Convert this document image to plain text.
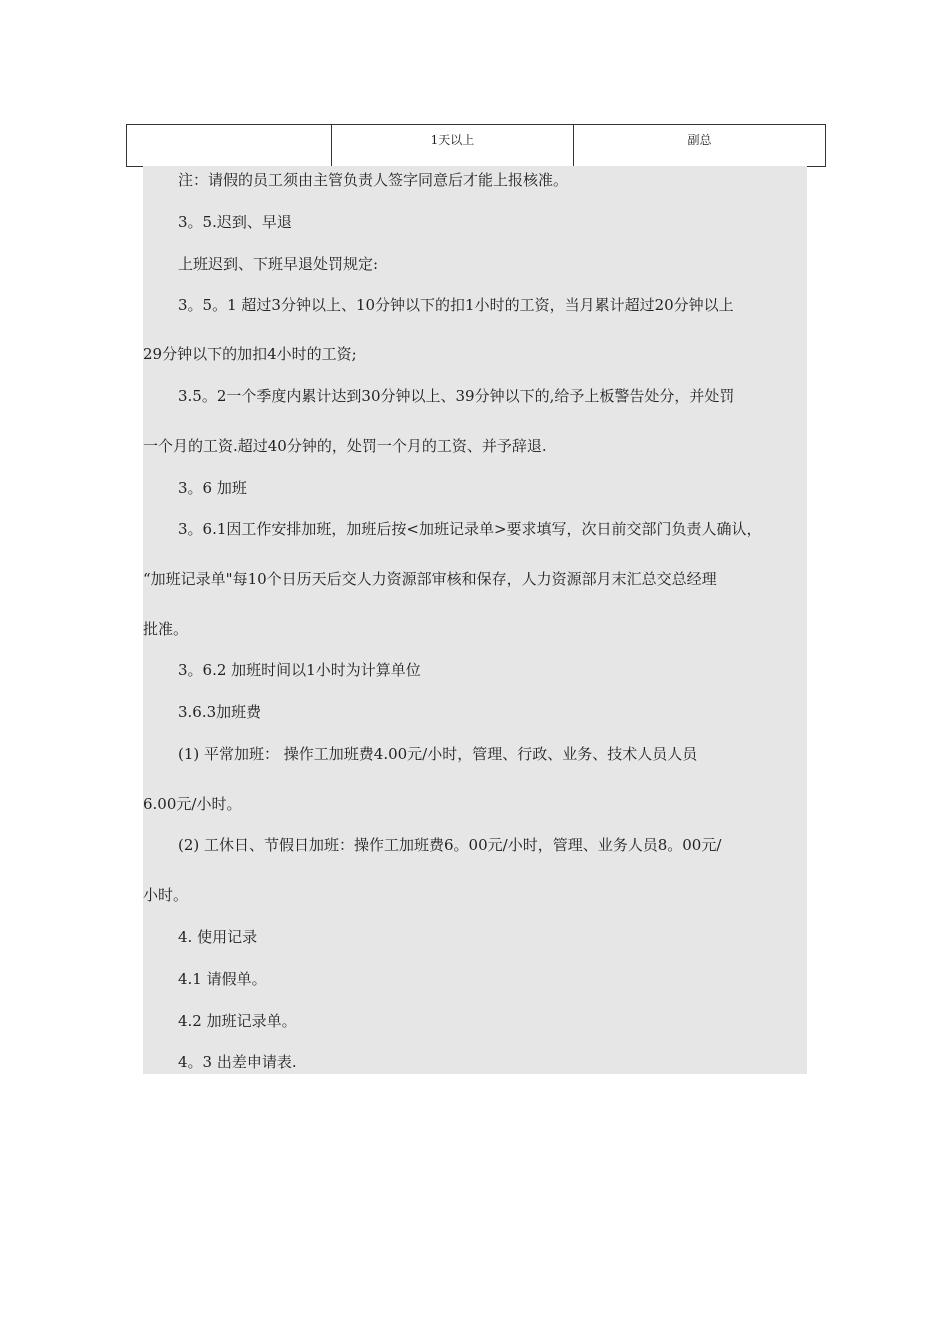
	1天以上	副总
注：请假的员工须由主管负责人签字同意后才能上报核准。
3。5.迟到、早退
上班迟到、下班早退处罚规定:
3。5。1 超过3分钟以上、10分钟以下的扣1小时的工资，当月累计超过20分钟以上
29分钟以下的加扣4小时的工资;
3.5。2一个季度内累计达到30分钟以上、39分钟以下的,给予上板警告处分，并处罚
一个月的工资.超过40分钟的，处罚一个月的工资、并予辞退.
3。6 加班
3。6.1因工作安排加班，加班后按<加班记录单>要求填写，次日前交部门负责人确认，
“加班记录单"每10个日历天后交人力资源部审核和保存，人力资源部月末汇总交总经理
批准。
3。6.2 加班时间以1小时为计算单位
3.6.3加班费
(1) 平常加班： 操作工加班费4.00元/小时，管理、行政、业务、技术人员人员
6.00元/小时。
(2) 工休日、节假日加班：操作工加班费6。00元/小时，管理、业务人员8。00元/
小时。
4. 使用记录
4.1 请假单。
4.2 加班记录单。
4。3 出差申请表.
